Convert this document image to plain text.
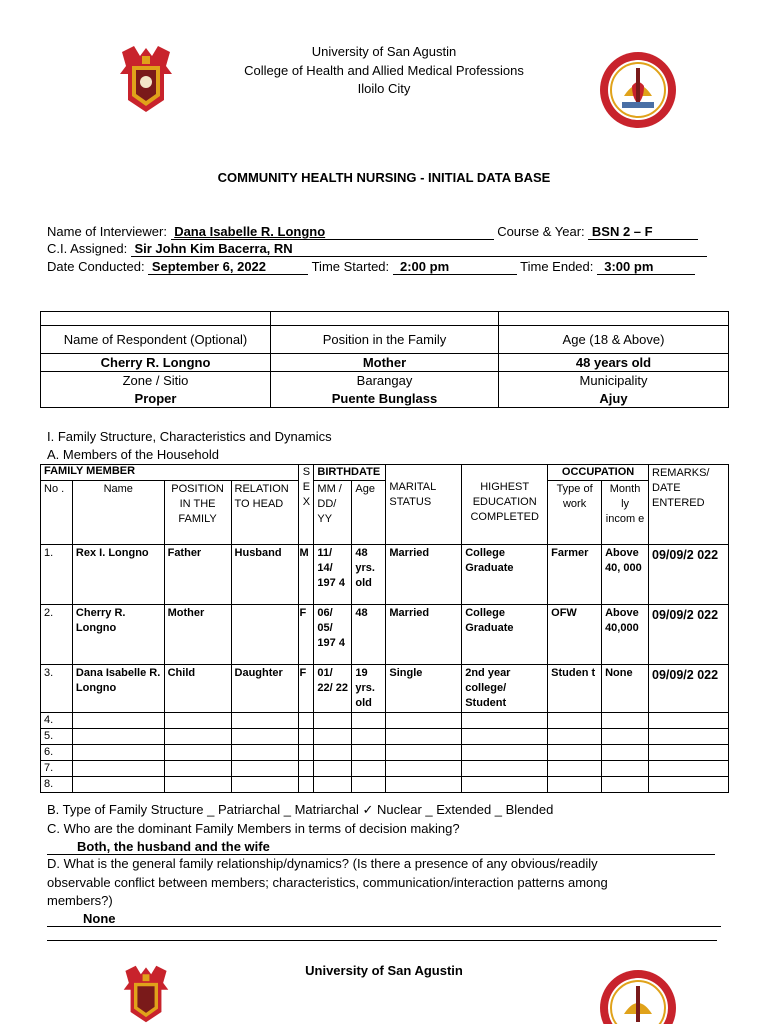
University of San Agustin
College of Health and Allied Medical Professions
Iloilo City
COMMUNITY HEALTH NURSING - INITIAL DATA BASE
Name of Interviewer: Dana Isabelle R. Longno	Course & Year: BSN 2 – F
C.I. Assigned: Sir John Kim Bacerra, RN
Date Conducted: September 6, 2022	Time Started: 2:00 pm	Time Ended: 3:00 pm

Name of Respondent (Optional)	Position in the Family	Age (18 & Above)
Cherry R. Longno	Mother	48 years old
Zone / Sitio	Barangay	Municipality
Proper	Puente Bunglass	Ajuy
I. Family Structure, Characteristics and Dynamics
A. Members of the Household
FAMILY MEMBER				S E X	BIRTHDATE		MARITAL STATUS	HIGHEST EDUCATION COMPLETED	OCCUPATION		REMARKS/ DATE ENTERED
No .	Name	POSITION IN THE FAMILY	RELATION TO HEAD		MM / DD/ YY	Age			Type of work	Month ly incom e	
1.	Rex I. Longno	Father	Husband	M	11/ 14/ 197 4	48 yrs. old	Married	College Graduate	Farmer	Above 40, 000	09/09/2 022
2.	Cherry R. Longno	Mother		F	06/ 05/ 197 4	48	Married	College Graduate	OFW	Above 40,000	09/09/2 022
3.	Dana Isabelle R. Longno	Child	Daughter	F	01/ 22/ 22	19 yrs. old	Single	2nd year college/ Student	Studen t	None	09/09/2 022
4.											
5.											
6.											
7.											
8.											
B. Type of Family Structure _ Patriarchal _ Matriarchal ✓ Nuclear _ Extended _ Blended
C. Who are the dominant Family Members in terms of decision making?
Both, the husband and the wife
D. What is the general family relationship/dynamics? (Is there a presence of any obvious/readily
observable conflict between members; characteristics, communication/interaction patterns among
members?)
None
University of San Agustin
